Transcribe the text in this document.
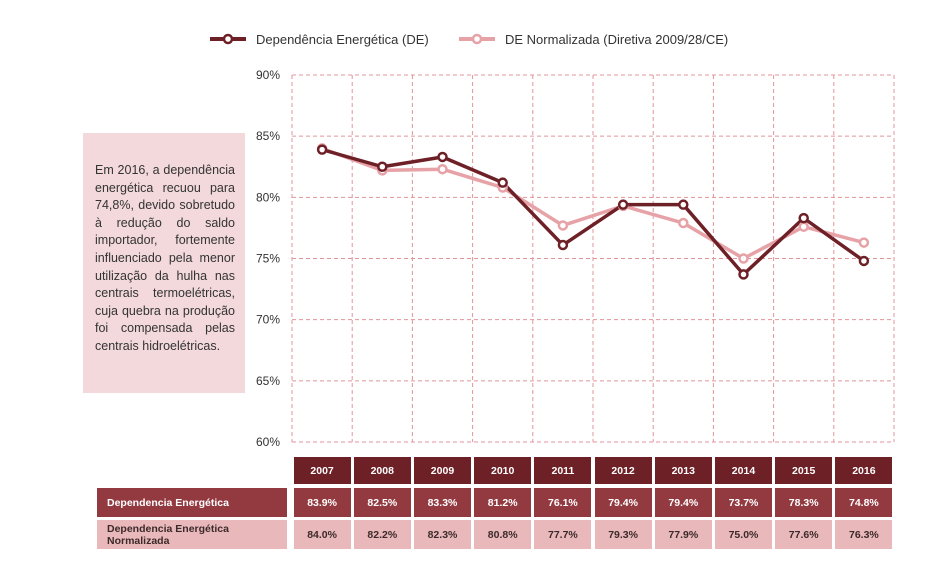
90%
85%
80%
75%
70%
65%
60%
Dependência Energética (DE)	DE Normalizada (Diretiva 2009/28/CE)

Em 2016, a dependência energética recuou para 74,8%, devido sobretudo à redução do saldo importador, fortemente influenciado pela menor utilização da hulha nas centrais termoelétricas, cuja quebra na produção foi compensada pelas centrais hidroelétricas.

2007	2008	2009	2010	2011	2012	2013	2014	2015	2016
Dependencia Energética	83.9%	82.5%	83.3%	81.2%	76.1%	79.4%	79.4%	73.7%	78.3%	74.8%
Dependencia Energética Normalizada	84.0%	82.2%	82.3%	80.8%	77.7%	79.3%	77.9%	75.0%	77.6%	76.3%
